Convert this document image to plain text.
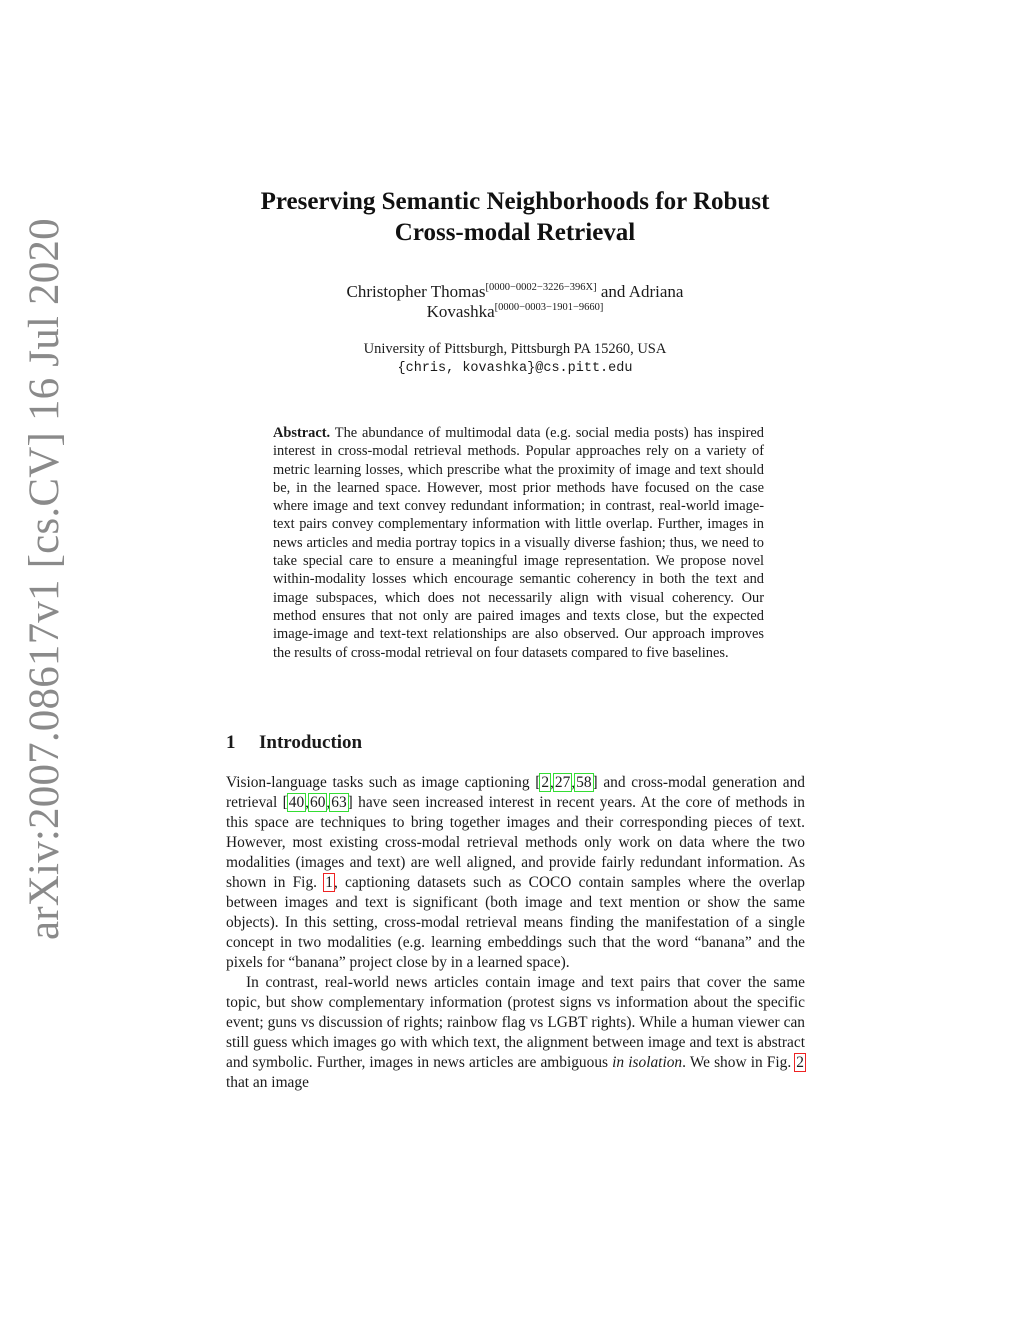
arXiv:2007.08617v1 [cs.CV] 16 Jul 2020
Preserving Semantic Neighborhoods for Robust
Cross-modal Retrieval
Christopher Thomas[0000−0002−3226−396X] and Adriana
Kovashka[0000−0003−1901−9660]
University of Pittsburgh, Pittsburgh PA 15260, USA
{chris, kovashka}@cs.pitt.edu
Abstract. The abundance of multimodal data (e.g. social media posts) has inspired interest in cross-modal retrieval methods. Popular approaches rely on a variety of metric learning losses, which prescribe what the proximity of image and text should be, in the learned space. However, most prior methods have focused on the case where image and text convey redundant information; in contrast, real-world image-text pairs convey complementary information with little overlap. Further, images in news articles and media portray topics in a visually diverse fashion; thus, we need to take special care to ensure a meaningful image representation. We propose novel within-modality losses which encourage semantic coherency in both the text and image subspaces, which does not necessarily align with visual coherency. Our method ensures that not only are paired images and texts close, but the expected image-image and text-text relationships are also observed. Our approach improves the results of cross-modal retrieval on four datasets compared to five baselines.
1 Introduction

Vision-language tasks such as image captioning [2,27,58] and cross-modal generation and retrieval [40,60,63] have seen increased interest in recent years. At the core of methods in this space are techniques to bring together images and their corresponding pieces of text. However, most existing cross-modal retrieval methods only work on data where the two modalities (images and text) are well aligned, and provide fairly redundant information. As shown in Fig. 1, captioning datasets such as COCO contain samples where the overlap between images and text is significant (both image and text mention or show the same objects). In this setting, cross-modal retrieval means finding the manifestation of a single concept in two modalities (e.g. learning embeddings such that the word “banana” and the pixels for “banana” project close by in a learned space).

In contrast, real-world news articles contain image and text pairs that cover the same topic, but show complementary information (protest signs vs information about the specific event; guns vs discussion of rights; rainbow flag vs LGBT rights). While a human viewer can still guess which images go with which text, the alignment between image and text is abstract and symbolic. Further, images in news articles are ambiguous in isolation. We show in Fig. 2 that an image
